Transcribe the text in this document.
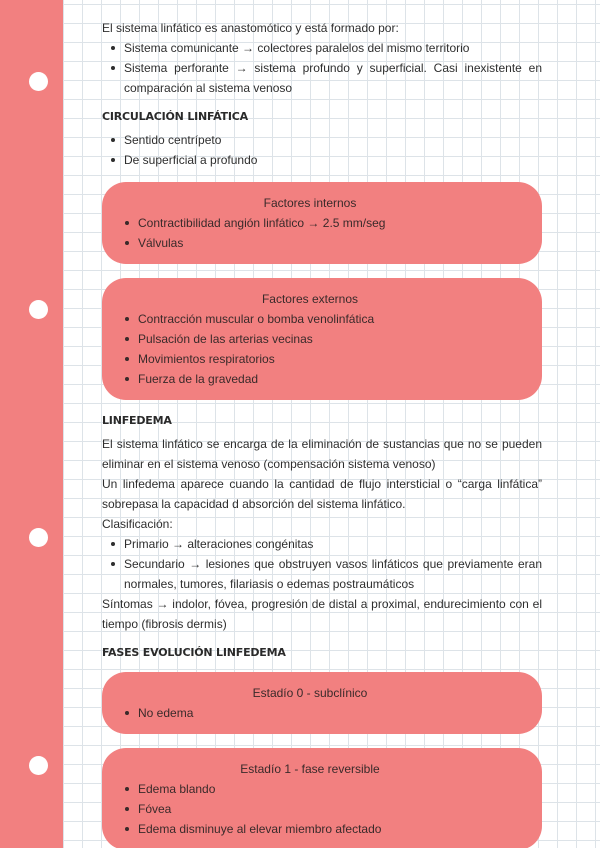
El sistema linfático es anastomótico y está formado por:

Sistema comunicante → colectores paralelos del mismo territorio
Sistema perforante → sistema profundo y superficial. Casi inexistente en comparación al sistema venoso
CIRCULACIÓN LINFÁTICA
Sentido centrípeto
De superficial a profundo
Factores internos
Contractibilidad angión linfático → 2.5 mm/seg
Válvulas
Factores externos
Contracción muscular o bomba venolinfática
Pulsación de las arterias vecinas
Movimientos respiratorios
Fuerza de la gravedad
LINFEDEMA

El sistema linfático se encarga de la eliminación de sustancias que no se pueden eliminar en el sistema venoso (compensación sistema venoso)

Un linfedema aparece cuando la cantidad de flujo intersticial o “carga linfática” sobrepasa la capacidad d absorción del sistema linfático.

Clasificación:

Primario → alteraciones congénitas
Secundario → lesiones que obstruyen vasos linfáticos que previamente eran normales, tumores, filariasis o edemas postraumáticos

Síntomas → indolor, fóvea, progresión de distal a proximal, endurecimiento con el tiempo (fibrosis dermis)

FASES EVOLUCIÓN LINFEDEMA
Estadío 0 - subclínico
No edema
Estadío 1 - fase reversible
Edema blando
Fóvea
Edema disminuye al elevar miembro afectado
